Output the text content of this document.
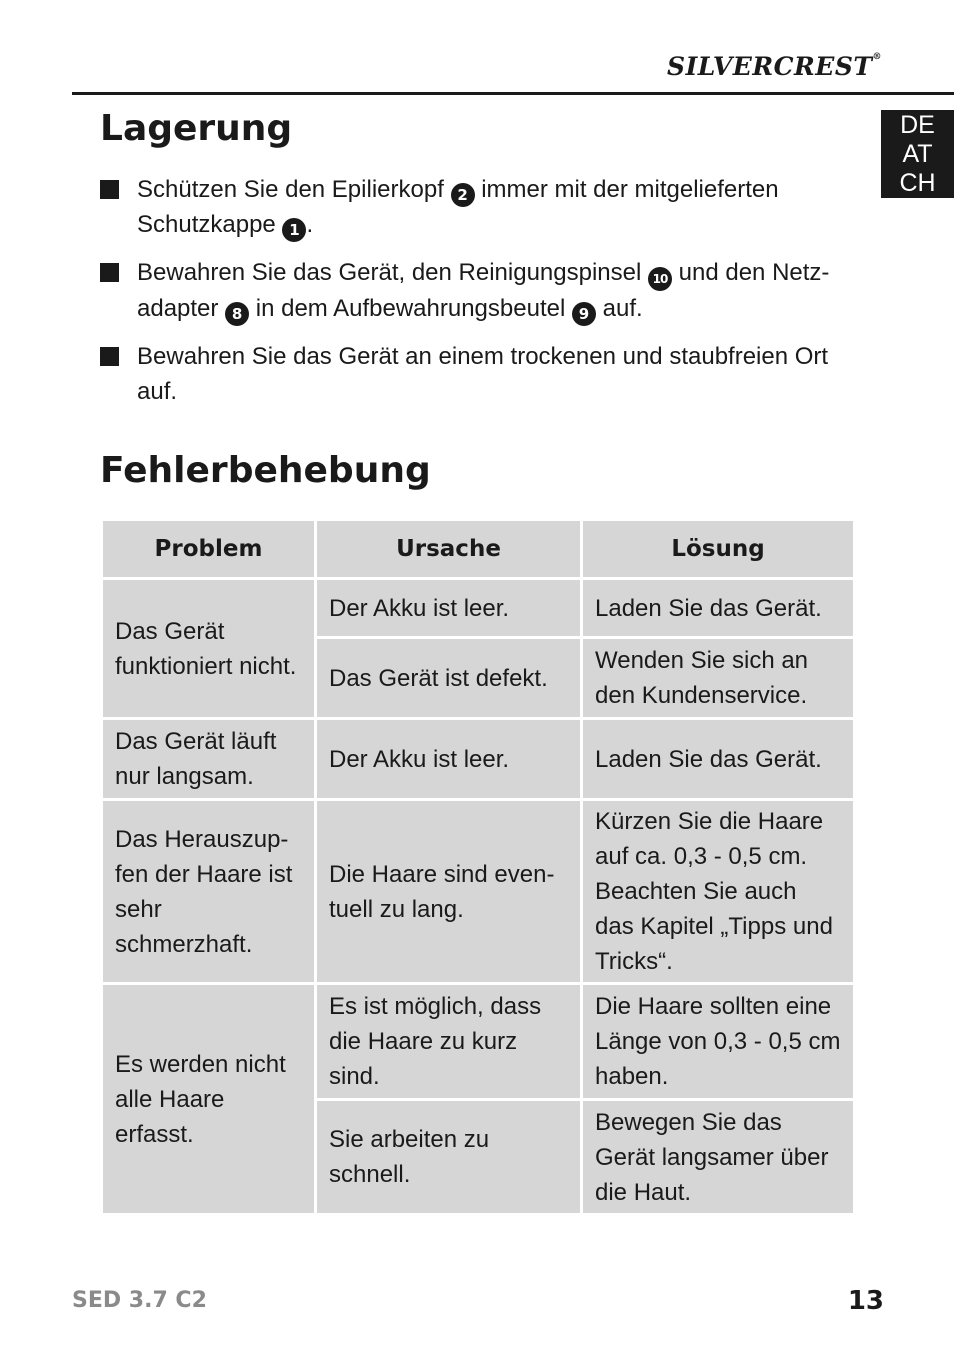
SILVERCREST®
DE
AT
CH
Lagerung
Schützen Sie den Epilierkopf 2 immer mit der mitgelieferten Schutzkappe 1 .
Bewahren Sie das Gerät, den Reinigungspinsel 10 und den Netz-adapter 8 in dem Aufbewahrungsbeutel 9 auf.
Bewahren Sie das Gerät an einem trockenen und staubfreien Ort auf.
Fehlerbehebung
Problem	Ursache	Lösung
Das Gerät funktioniert nicht.	Der Akku ist leer.	Laden Sie das Gerät.
	Das Gerät ist defekt.	Wenden Sie sich an den Kundenservice.
Das Gerät läuft nur langsam.	Der Akku ist leer.	Laden Sie das Gerät.
Das Herauszup-fen der Haare ist sehr schmerzhaft.	Die Haare sind even-tuell zu lang.	Kürzen Sie die Haare auf ca. 0,3 - 0,5 cm. Beachten Sie auch das Kapitel „Tipps und Tricks“.
Es werden nicht alle Haare erfasst.	Es ist möglich, dass die Haare zu kurz sind.	Die Haare sollten eine Länge von 0,3 - 0,5 cm haben.
	Sie arbeiten zu schnell.	Bewegen Sie das Gerät langsamer über die Haut.
SED 3.7 C2	13
